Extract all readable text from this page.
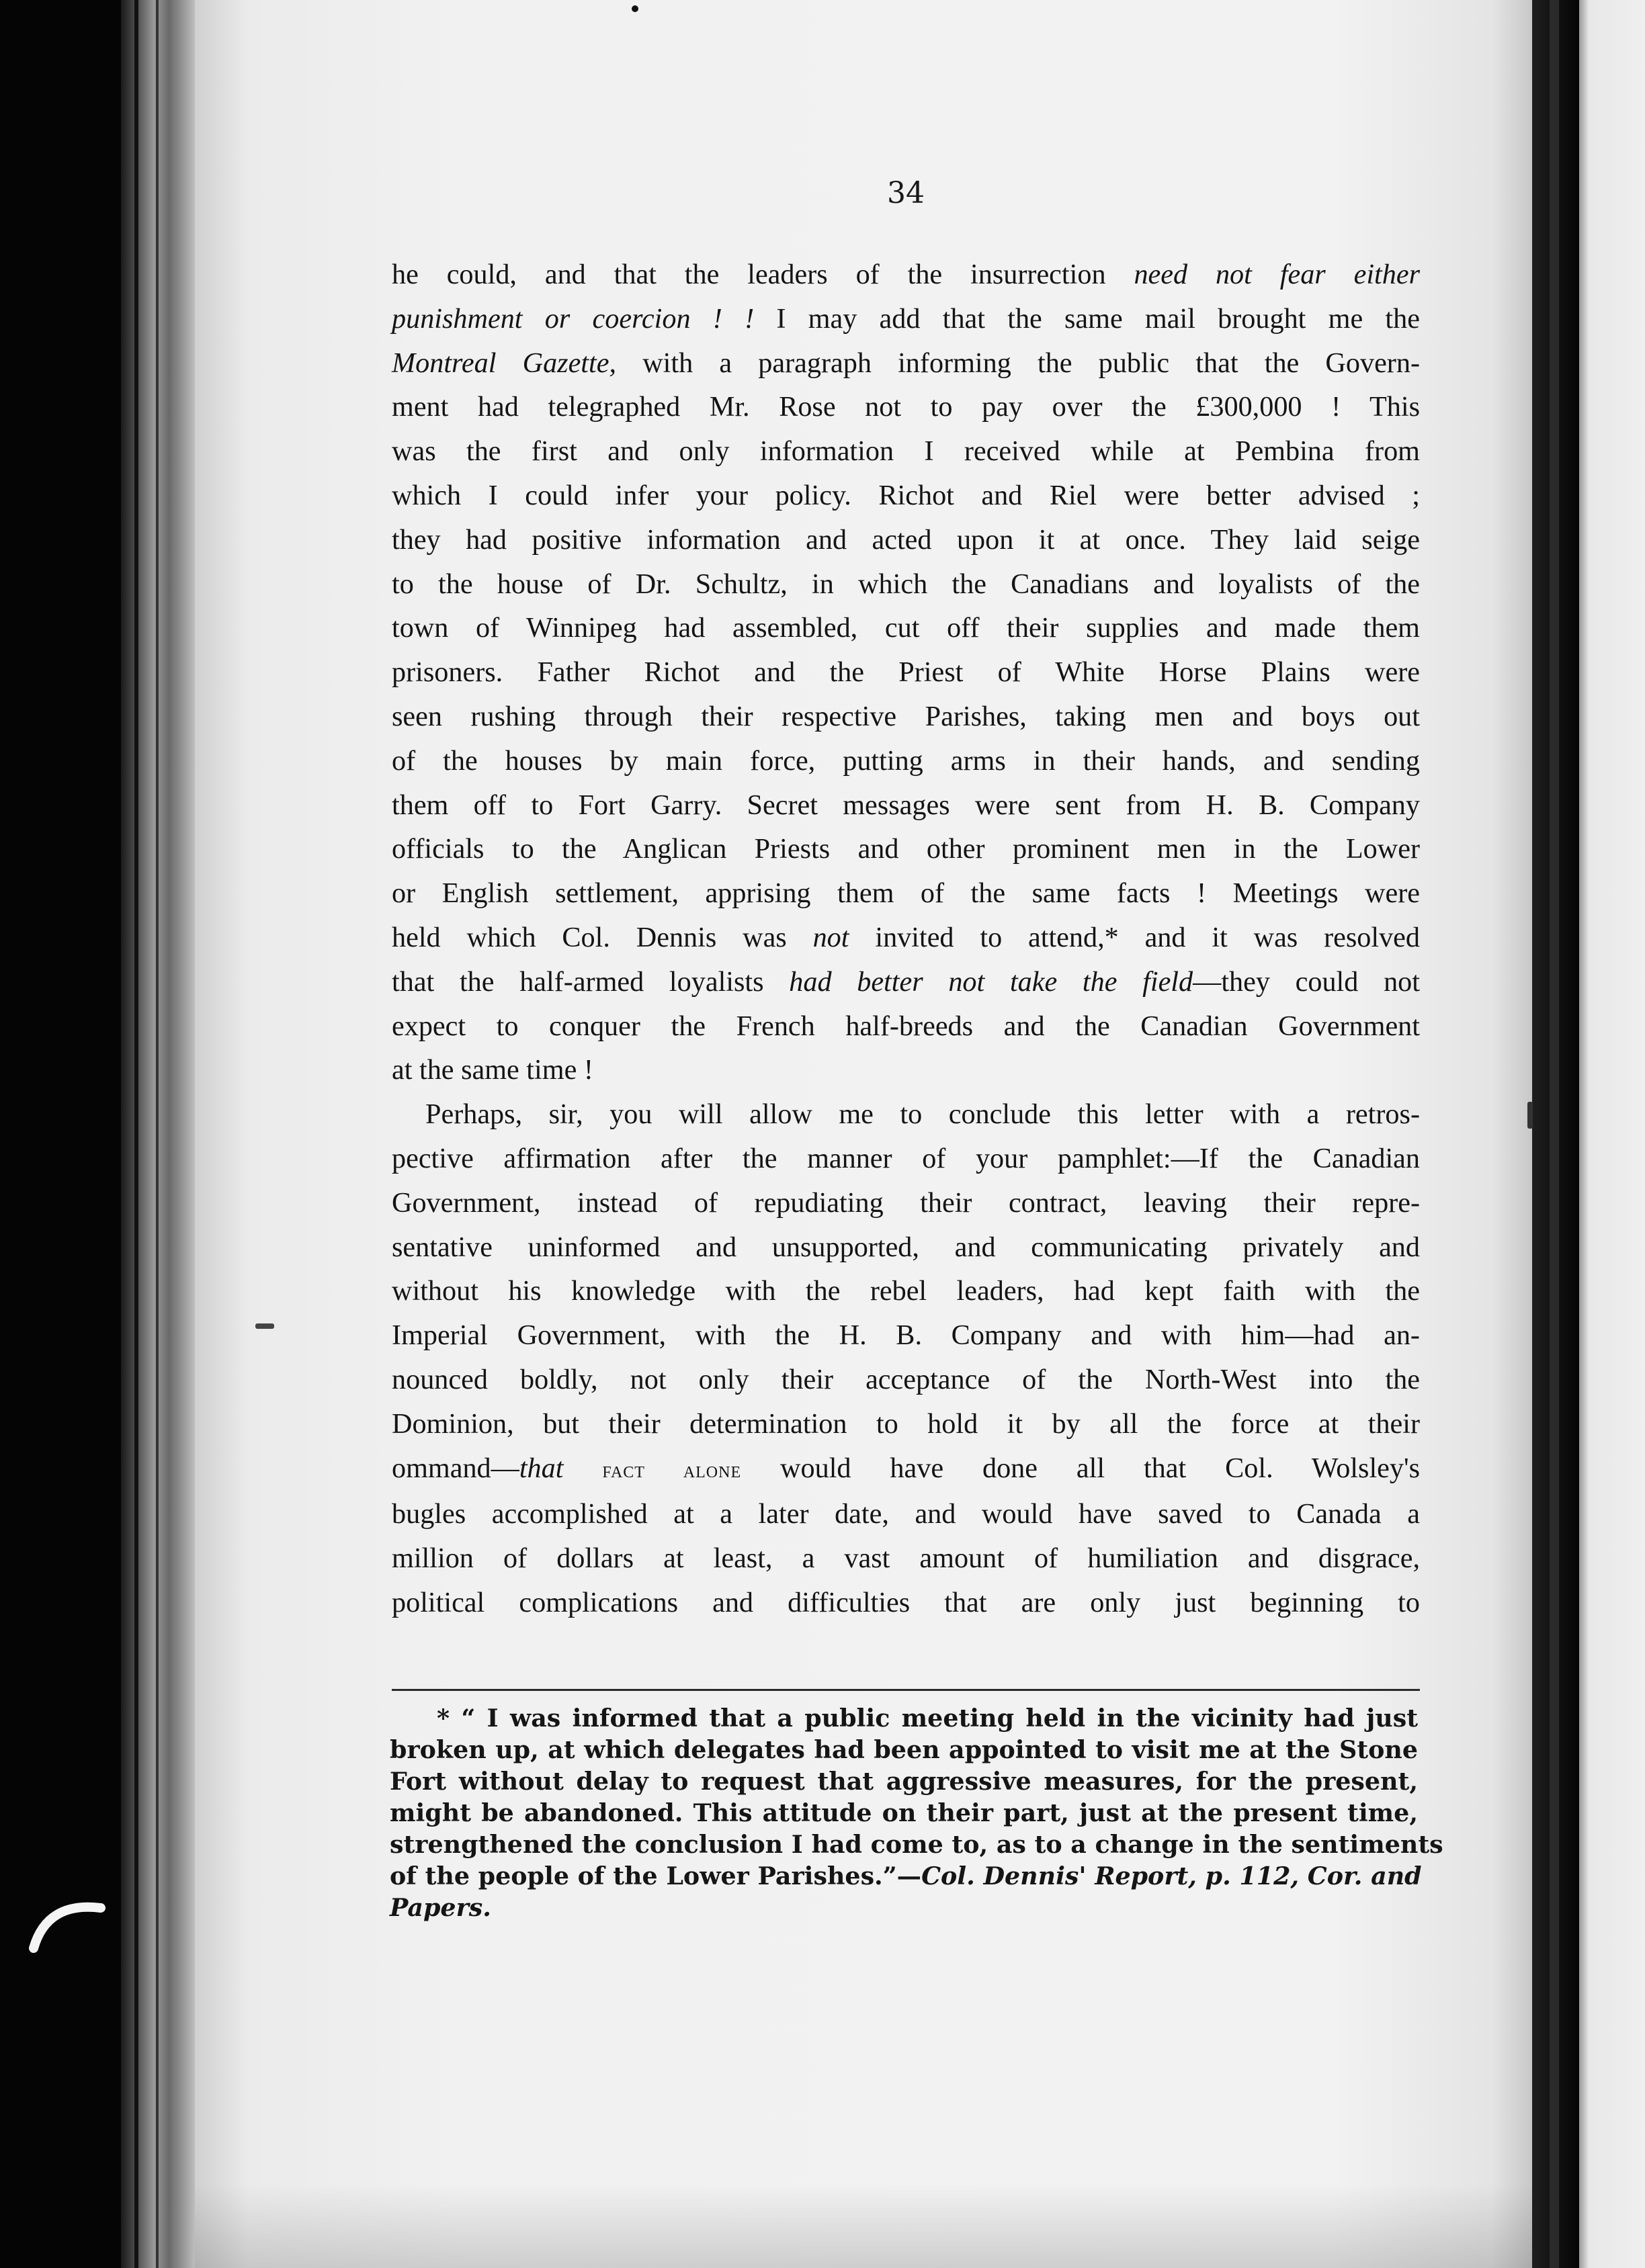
34
he could, and that the leaders of the insurrection need not fear either
punishment or coercion ! ! I may add that the same mail brought me the
Montreal Gazette, with a paragraph informing the public that the Govern-
ment had telegraphed Mr. Rose not to pay over the £300,000 ! This
was the first and only information I received while at Pembina from
which I could infer your policy. Richot and Riel were better advised ;
they had positive information and acted upon it at once. They laid seige
to the house of Dr. Schultz, in which the Canadians and loyalists of the
town of Winnipeg had assembled, cut off their supplies and made them
prisoners. Father Richot and the Priest of White Horse Plains were
seen rushing through their respective Parishes, taking men and boys out
of the houses by main force, putting arms in their hands, and sending
them off to Fort Garry. Secret messages were sent from H. B. Company
officials to the Anglican Priests and other prominent men in the Lower
or English settlement, apprising them of the same facts ! Meetings were
held which Col. Dennis was not invited to attend,* and it was resolved
that the half-armed loyalists had better not take the field—they could not
expect to conquer the French half-breeds and the Canadian Government
at the same time !
Perhaps, sir, you will allow me to conclude this letter with a retros-
pective affirmation after the manner of your pamphlet:—If the Canadian
Government, instead of repudiating their contract, leaving their repre-
sentative uninformed and unsupported, and communicating privately and
without his knowledge with the rebel leaders, had kept faith with the
Imperial Government, with the H. B. Company and with him—had an-
nounced boldly, not only their acceptance of the North-West into the
Dominion, but their determination to hold it by all the force at their
ommand—that fact alone would have done all that Col. Wolsley's
bugles accomplished at a later date, and would have saved to Canada a
million of dollars at least, a vast amount of humiliation and disgrace,
political complications and difficulties that are only just beginning to
* “ I was informed that a public meeting held in the vicinity had just
broken up, at which delegates had been appointed to visit me at the Stone
Fort without delay to request that aggressive measures, for the present,
might be abandoned. This attitude on their part, just at the present time,
strengthened the conclusion I had come to, as to a change in the sentiments
of the people of the Lower Parishes.”—Col. Dennis' Report, p. 112, Cor. and
Papers.
